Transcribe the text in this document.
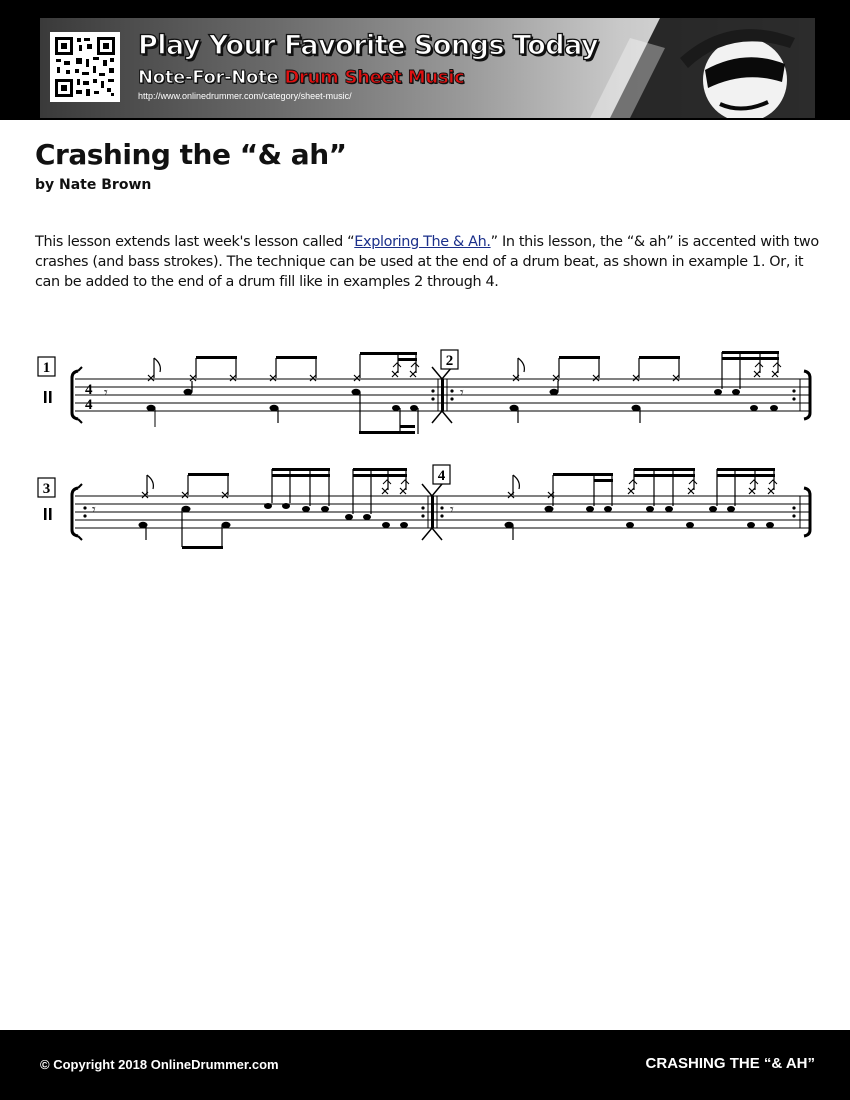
Play Your Favorite Songs Today
Note-For-Note Drum Sheet Music
http://www.onlinedrummer.com/category/sheet-music/
Crashing the “& ah”
by Nate Brown

This lesson extends last week's lesson called “Exploring The & Ah.” In this lesson, the “& ah” is accented with two crashes (and bass strokes). The technique can be used at the end of a drum beat, as shown in example 1. Or, it can be added to the end of a drum fill like in examples 2 through 4.

1
4
4
𝄾
2
𝄾
3
𝄾
4
𝄾
© Copyright 2018 OnlineDrummer.com	CRASHING THE “& AH”
